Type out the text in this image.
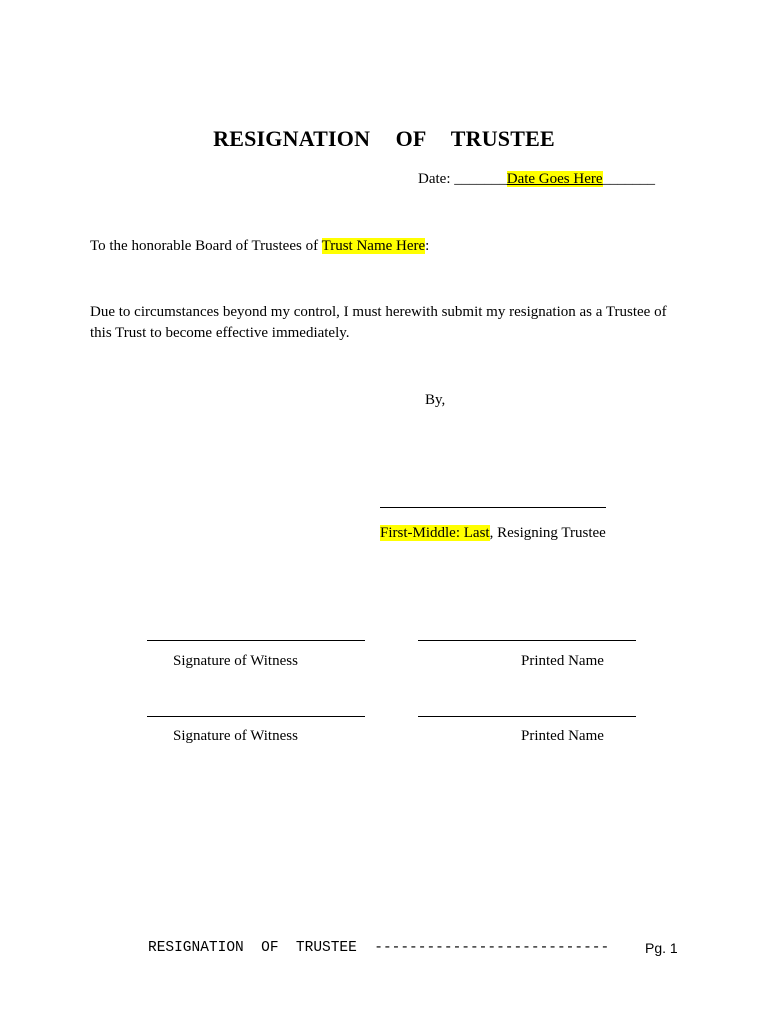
RESIGNATION  OF  TRUSTEE
Date: _______Date Goes Here_______
To the honorable Board of Trustees of Trust Name Here:
Due to circumstances beyond my control, I must herewith submit my resignation as a Trustee of this Trust to become effective immediately.
By,
First-Middle: Last, Resigning Trustee
Signature of Witness	Printed Name
Signature of Witness	Printed Name
RESIGNATION  OF  TRUSTEE ---------------------------	Pg. 1
